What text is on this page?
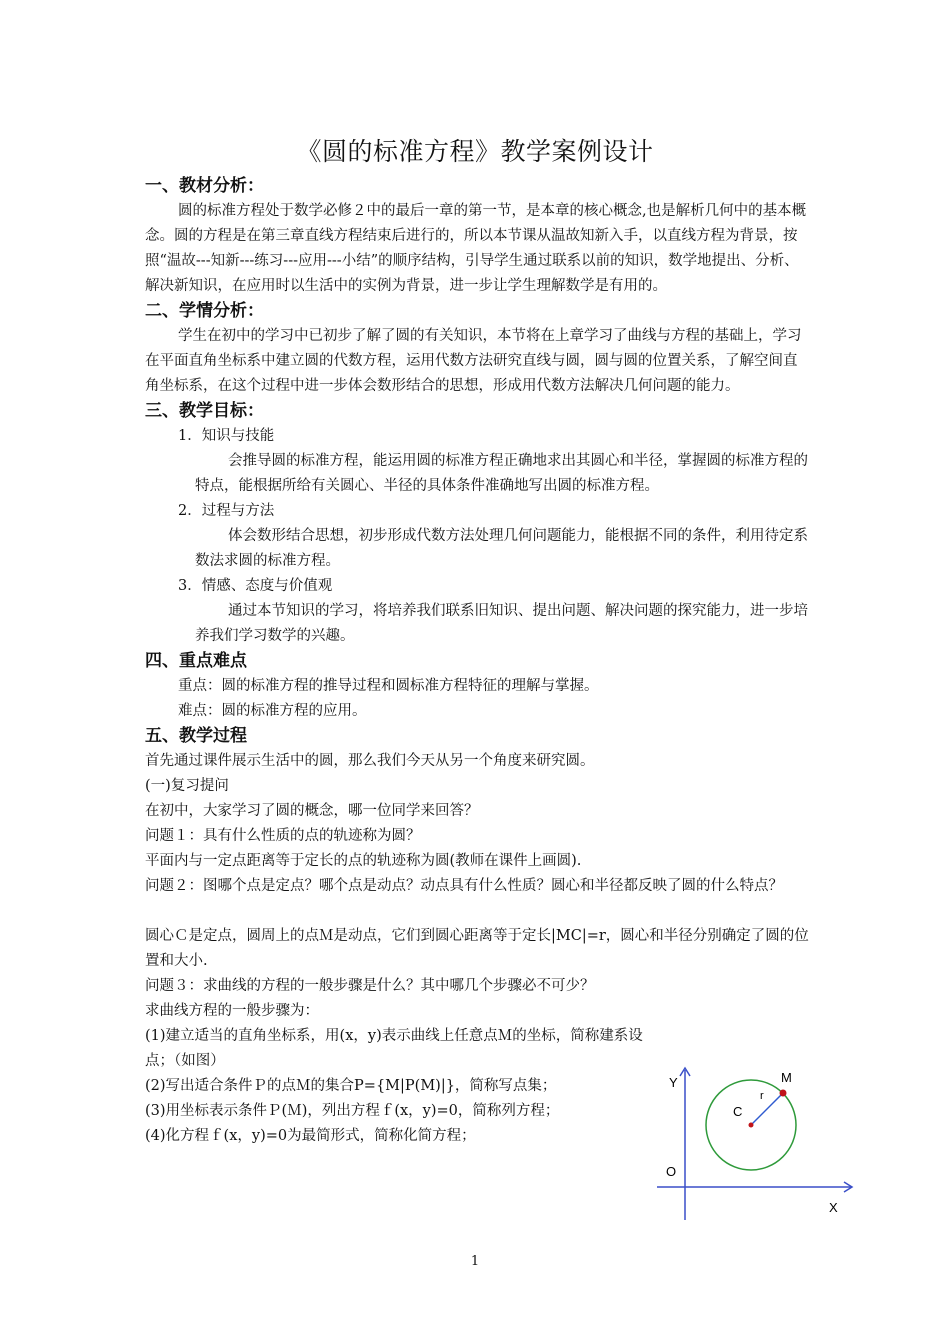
《圆的标准方程》教学案例设计
一、教材分析：

圆的标准方程处于数学必修２中的最后一章的第一节，是本章的核心概念,也是解析几何中的基本概念。圆的方程是在第三章直线方程结束后进行的，所以本节课从温故知新入手，以直线方程为背景，按照“温故---知新---练习---应用---小结”的顺序结构，引导学生通过联系以前的知识，数学地提出、分析、解决新知识，在应用时以生活中的实例为背景，进一步让学生理解数学是有用的。

二、学情分析：

学生在初中的学习中已初步了解了圆的有关知识，本节将在上章学习了曲线与方程的基础上，学习在平面直角坐标系中建立圆的代数方程，运用代数方法研究直线与圆，圆与圆的位置关系，了解空间直角坐标系，在这个过程中进一步体会数形结合的思想，形成用代数方法解决几何问题的能力。

三、教学目标：

1．知识与技能

会推导圆的标准方程，能运用圆的标准方程正确地求出其圆心和半径，掌握圆的标准方程的特点，能根据所给有关圆心、半径的具体条件准确地写出圆的标准方程。

2．过程与方法

体会数形结合思想，初步形成代数方法处理几何问题能力，能根据不同的条件，利用待定系数法求圆的标准方程。

3．情感、态度与价值观

通过本节知识的学习，将培养我们联系旧知识、提出问题、解决问题的探究能力，进一步培养我们学习数学的兴趣。

四、重点难点

重点：圆的标准方程的推导过程和圆标准方程特征的理解与掌握。

难点：圆的标准方程的应用。

五、教学过程

首先通过课件展示生活中的圆，那么我们今天从另一个角度来研究圆。

(一)复习提问

在初中，大家学习了圆的概念，哪一位同学来回答？

问题１：具有什么性质的点的轨迹称为圆？

平面内与一定点距离等于定长的点的轨迹称为圆(教师在课件上画圆).

问题２：图哪个点是定点？哪个点是动点？动点具有什么性质？圆心和半径都反映了圆的什么特点？

圆心Ｃ是定点，圆周上的点Ｍ是动点，它们到圆心距离等于定长|MC|=r，圆心和半径分别确定了圆的位置和大小.

问题３：求曲线的方程的一般步骤是什么？其中哪几个步骤必不可少？

求曲线方程的一般步骤为：

(1)建立适当的直角坐标系，用(x，y)表示曲线上任意点Ｍ的坐标，简称建系设点；（如图）

(2)写出适合条件Ｐ的点Ｍ的集合P={M|P(M)|}，简称写点集；

(3)用坐标表示条件Ｐ(Ｍ)，列出方程ｆ(x，y)=0，简称列方程；

(4)化方程ｆ(x，y)=0为最简形式，简称化简方程；

Y
X
O
C
M
r
1
